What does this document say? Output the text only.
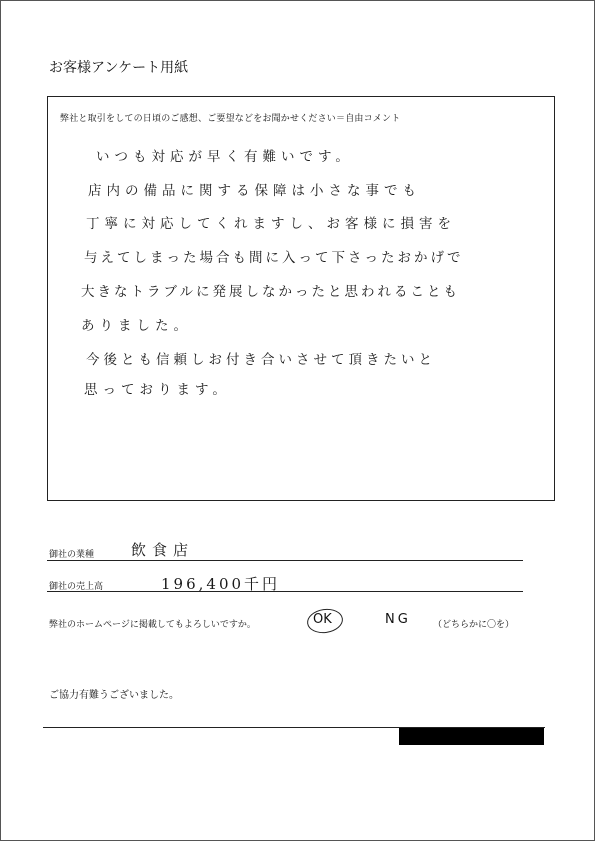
お客様アンケート用紙
弊社と取引をしての日頃のご感想、ご要望などをお聞かせください＝自由コメント
いつも対応が早く有難いです。
店内の備品に関する保障は小さな事でも
丁寧に対応してくれますし、お客様に損害を
与えてしまった場合も間に入って下さったおかげで
大きなトラブルに発展しなかったと思われることも
ありました。
今後とも信頼しお付き合いさせて頂きたいと
思っております。
御社の業種 飲食店
御社の売上高	196,400千円
弊社のホームページに掲載してもよろしいですか。	OK	NG （どちらかに〇を）
ご協力有難うございました。
